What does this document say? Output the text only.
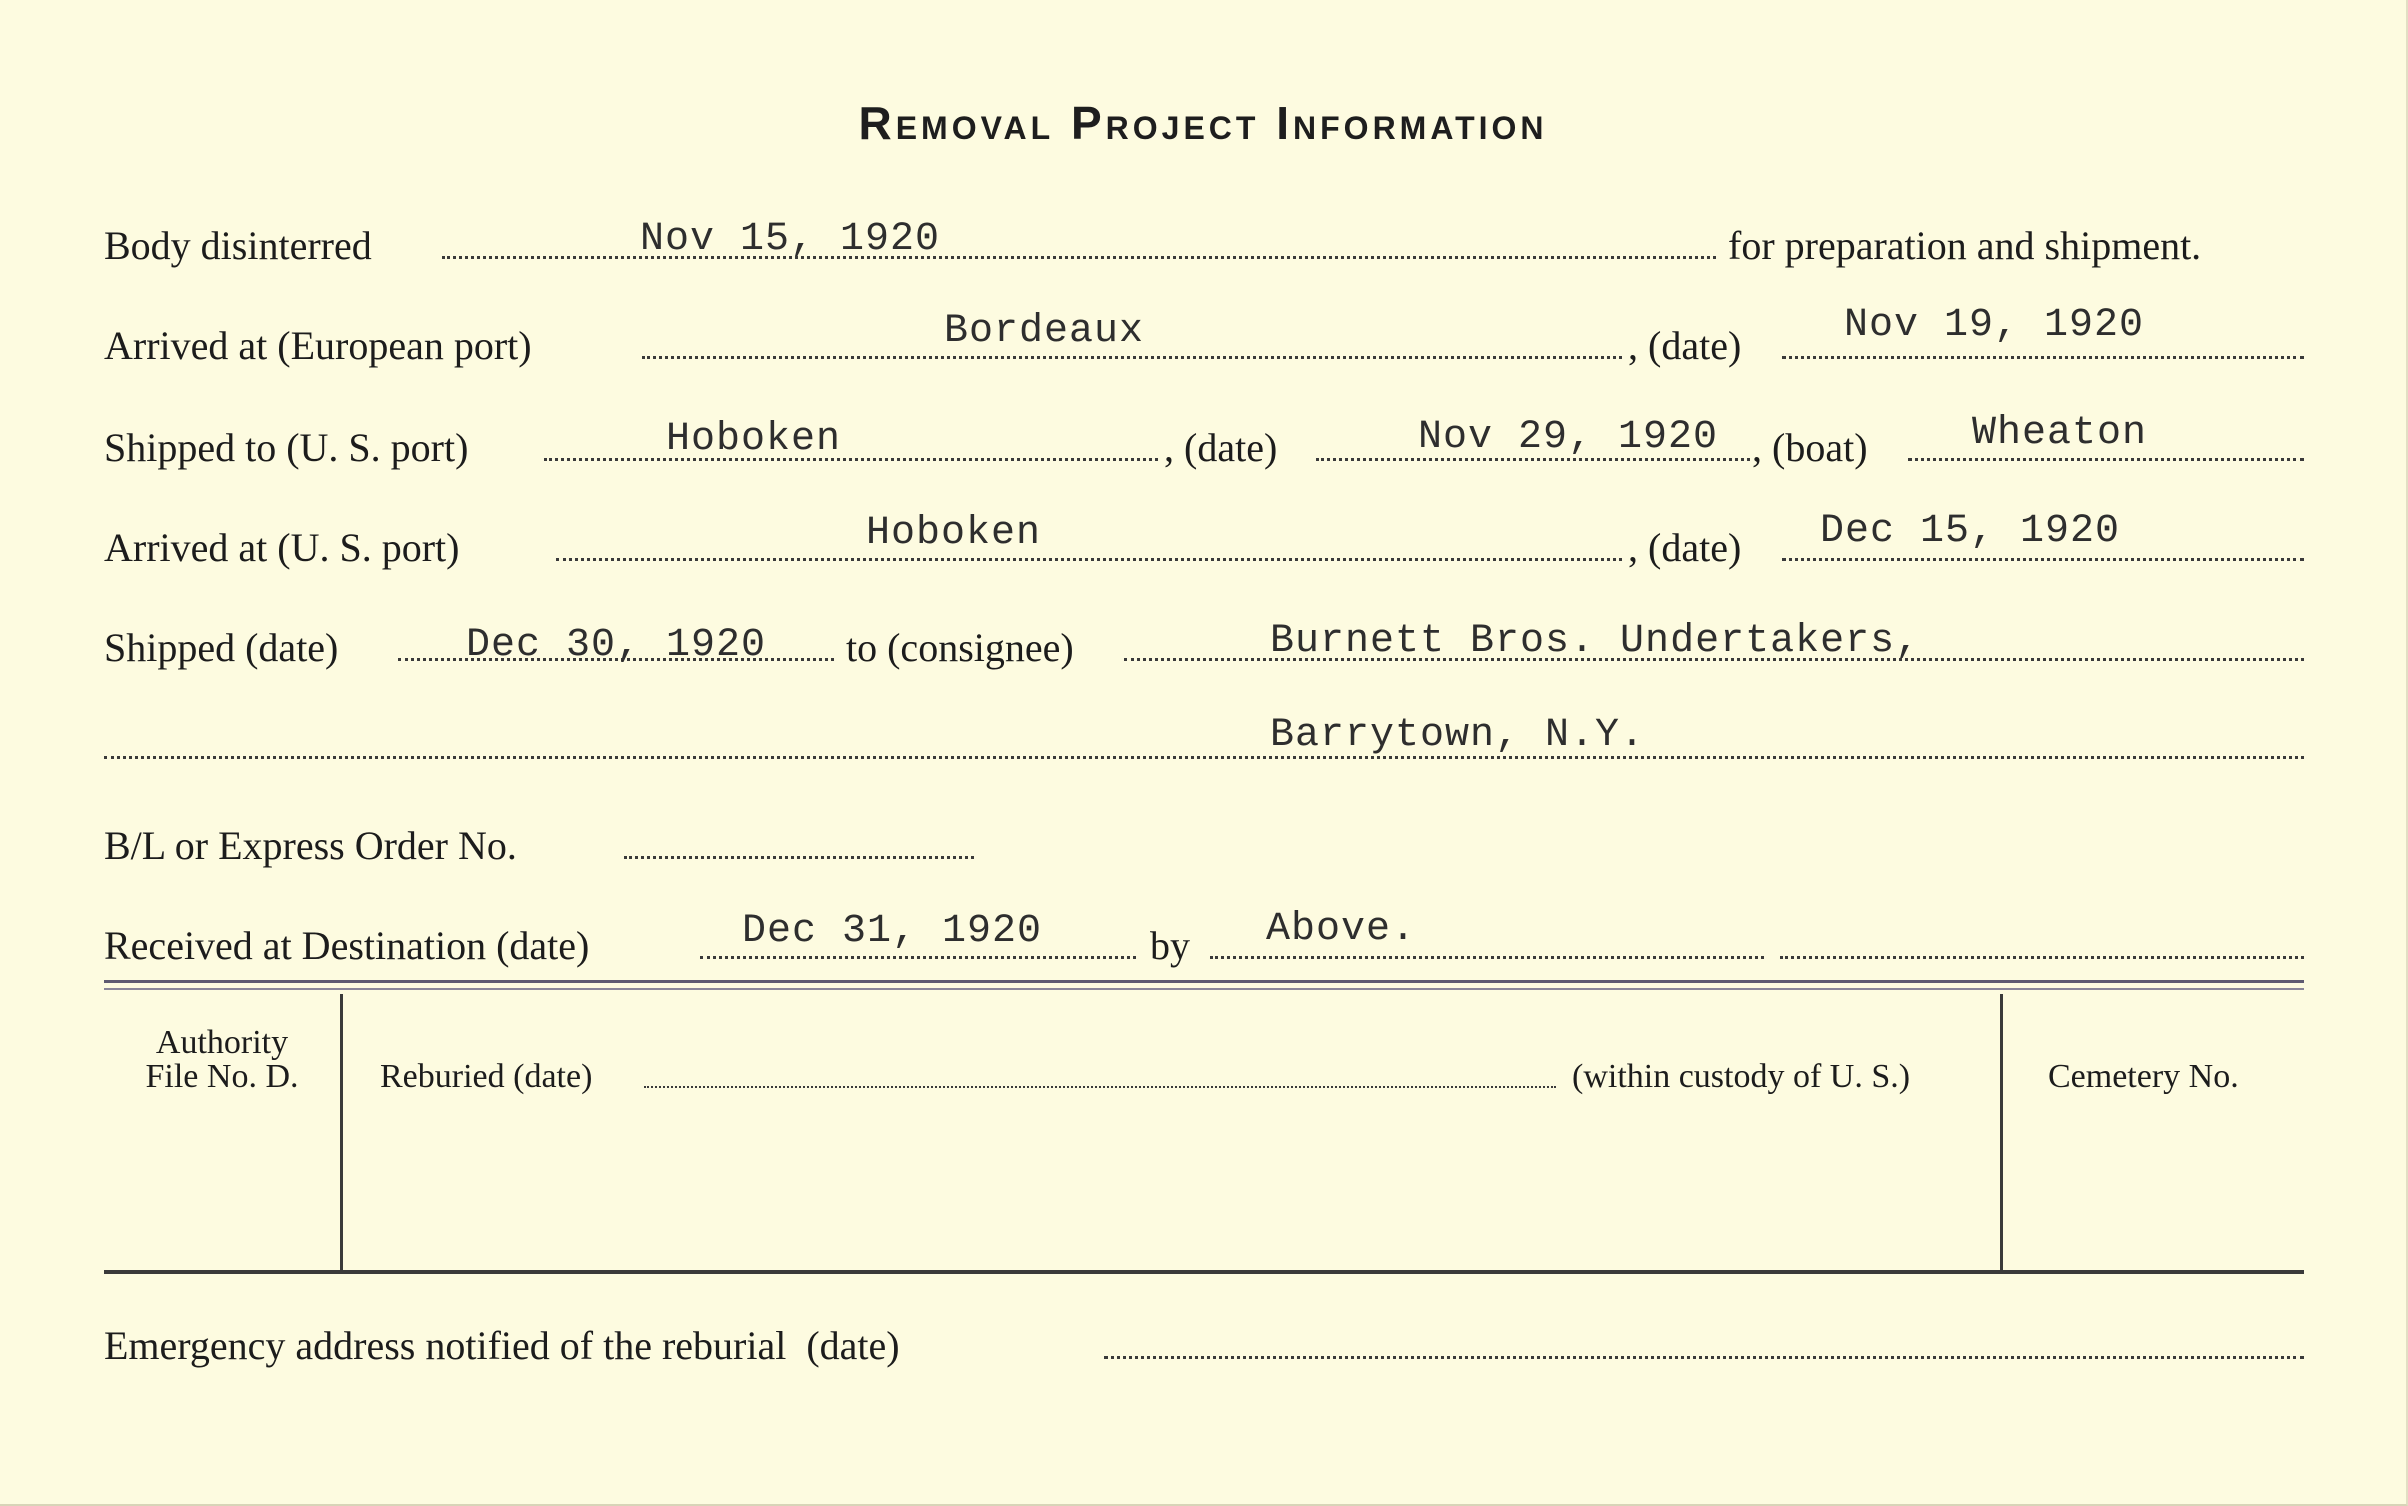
Removal Project Information
Body disinterred	Nov 15, 1920	for preparation and shipment.
Arrived at (European port)	Bordeaux	, (date)	Nov 19, 1920
Shipped to (U. S. port)	Hoboken	, (date)	Nov 29, 1920 , (boat)	Wheaton
Arrived at (U. S. port)	Hoboken	, (date) Dec 15, 1920
Shipped (date)	Dec 30, 1920 to (consignee)	Burnett Bros. Undertakers,
Barrytown, N.Y.
B/L or Express Order No.
Received at Destination (date)	Dec 31, 1920	by Above.
Authority
File No. D.	Reburied (date)	(within custody of U. S.)	Cemetery No.
Emergency address notified of the reburial  (date)
